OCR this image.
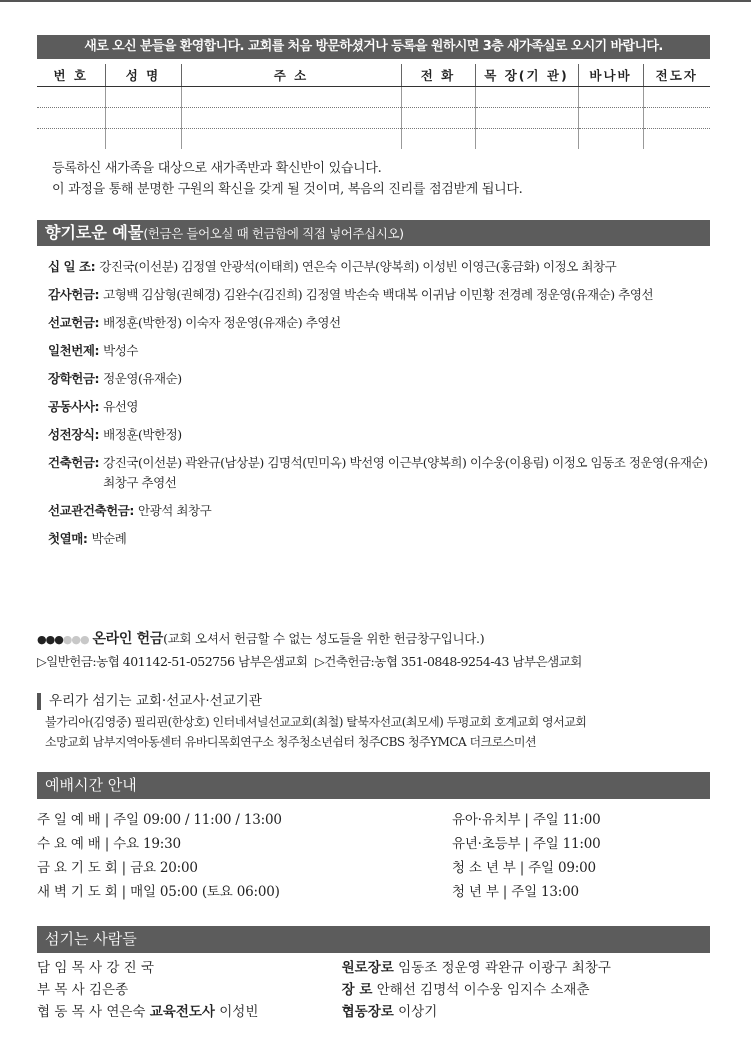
새로 오신 분들을 환영합니다. 교회를 처음 방문하셨거나 등록을 원하시면 3층 새가족실로 오시기 바랍니다.
번 호	성 명	주 소	전 화	목 장(기 관)	바나바	전도자

등록하신 새가족을 대상으로 새가족반과 확신반이 있습니다.
이 과정을 통해 분명한 구원의 확신을 갖게 될 것이며, 복음의 진리를 점검받게 됩니다.
향기로운 예물(헌금은 들어오실 때 헌금함에 직접 넣어주십시오)
십 일 조: 강진국(이선분) 김정열 안광석(이태희) 연은숙 이근부(양복희) 이성빈 이영근(홍금화) 이정오 최창구
감사헌금: 고형백 김삼형(권혜경) 김완수(김진희) 김정열 박손숙 백대복 이귀남 이민황 전경례 정운영(유재순) 추영선
선교헌금: 배정훈(박한정) 이숙자 정운영(유재순) 추영선
일천번제: 박성수
장학헌금: 정운영(유재순)
공동사사: 유선영
성전장식: 배정훈(박한정)
건축헌금: 강진국(이선분) 곽완규(남상분) 김명석(민미옥) 박선영 이근부(양복희) 이수웅(이용림) 이정오 임동조 정운영(유재순) 최창구 추영선
선교관건축헌금: 안광석 최창구
첫열매: 박순례
●●●●●● 온라인 헌금(교회 오셔서 헌금할 수 없는 성도들을 위한 헌금창구입니다.)
▷일반헌금:농협 401142-51-052756 남부은샘교회 ▷건축헌금:농협 351-0848-9254-43 남부은샘교회
우리가 섬기는 교회·선교사·선교기관
불가리아(김영중) 필리핀(한상호) 인터네셔널선교교회(최철) 탈북자선교(최모세) 두평교회 호계교회 영서교회
소망교회 남부지역아동센터 유바디목회연구소 청주청소년쉼터 청주CBS 청주YMCA 더크로스미션
예배시간 안내
주 일 예 배 | 주일 09:00 / 11:00 / 13:00	유아·유치부 | 주일 11:00
수 요 예 배 | 수요 19:30	유년·초등부 | 주일 11:00
금 요 기 도 회 | 금요 20:00	청 소 년 부 | 주일 09:00
새 벽 기 도 회 | 매일 05:00 (토요 06:00)	청 년 부 | 주일 13:00
섬기는 사람들
담 임 목 사 강 진 국	원로장로 임동조 정운영 곽완규 이광구 최창구
부 목 사 김은종	장 로 안해선 김명석 이수웅 임지수 소재춘
협 동 목 사 연은숙 교육전도사 이성빈	협동장로 이상기
